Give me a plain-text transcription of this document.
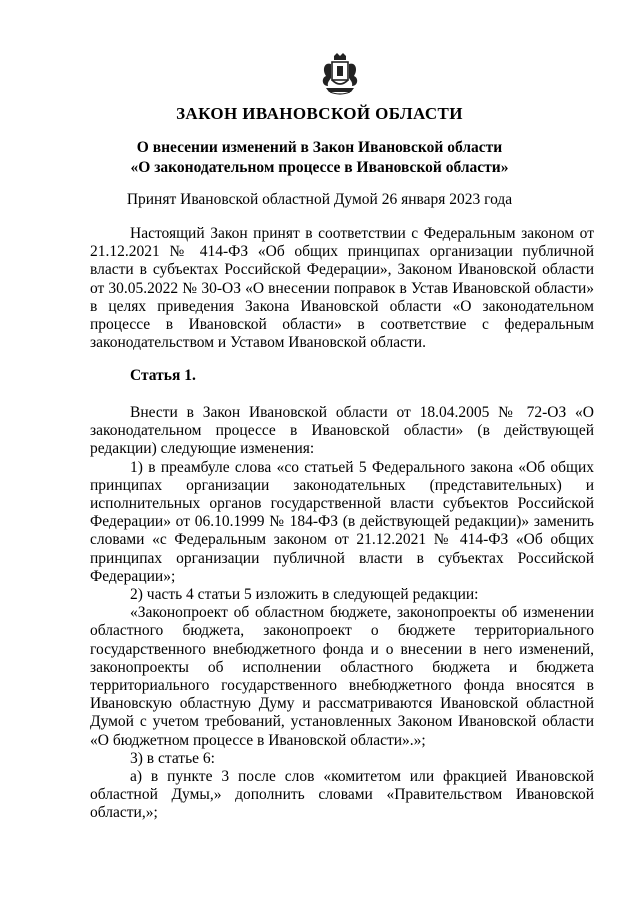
ЗАКОН ИВАНОВСКОЙ ОБЛАСТИ
О внесении изменений в Закон Ивановской области
«О законодательном процессе в Ивановской области»
Принят Ивановской областной Думой 26 января 2023 года

Настоящий Закон принят в соответствии с Федеральным законом от 21.12.2021 № 414-ФЗ «Об общих принципах организации публичной власти в субъектах Российской Федерации», Законом Ивановской области от 30.05.2022 № 30-ОЗ «О внесении поправок в Устав Ивановской области» в целях приведения Закона Ивановской области «О законодательном процессе в Ивановской области» в соответствие с федеральным законодательством и Уставом Ивановской области.

Статья 1.

Внести в Закон Ивановской области от 18.04.2005 № 72-ОЗ «О законодательном процессе в Ивановской области» (в действующей редакции) следующие изменения:

1) в преамбуле слова «со статьей 5 Федерального закона «Об общих принципах организации законодательных (представительных) и исполнительных органов государственной власти субъектов Российской Федерации» от 06.10.1999 № 184-ФЗ (в действующей редакции)» заменить словами «с Федеральным законом от 21.12.2021 № 414-ФЗ «Об общих принципах организации публичной власти в субъектах Российской Федерации»;

2) часть 4 статьи 5 изложить в следующей редакции:

«Законопроект об областном бюджете, законопроекты об изменении областного бюджета, законопроект о бюджете территориального государственного внебюджетного фонда и о внесении в него изменений, законопроекты об исполнении областного бюджета и бюджета территориального государственного внебюджетного фонда вносятся в Ивановскую областную Думу и рассматриваются Ивановской областной Думой с учетом требований, установленных Законом Ивановской области «О бюджетном процессе в Ивановской области».»;

3) в статье 6:

а) в пункте 3 после слов «комитетом или фракцией Ивановской областной Думы,» дополнить словами «Правительством Ивановской области,»;
